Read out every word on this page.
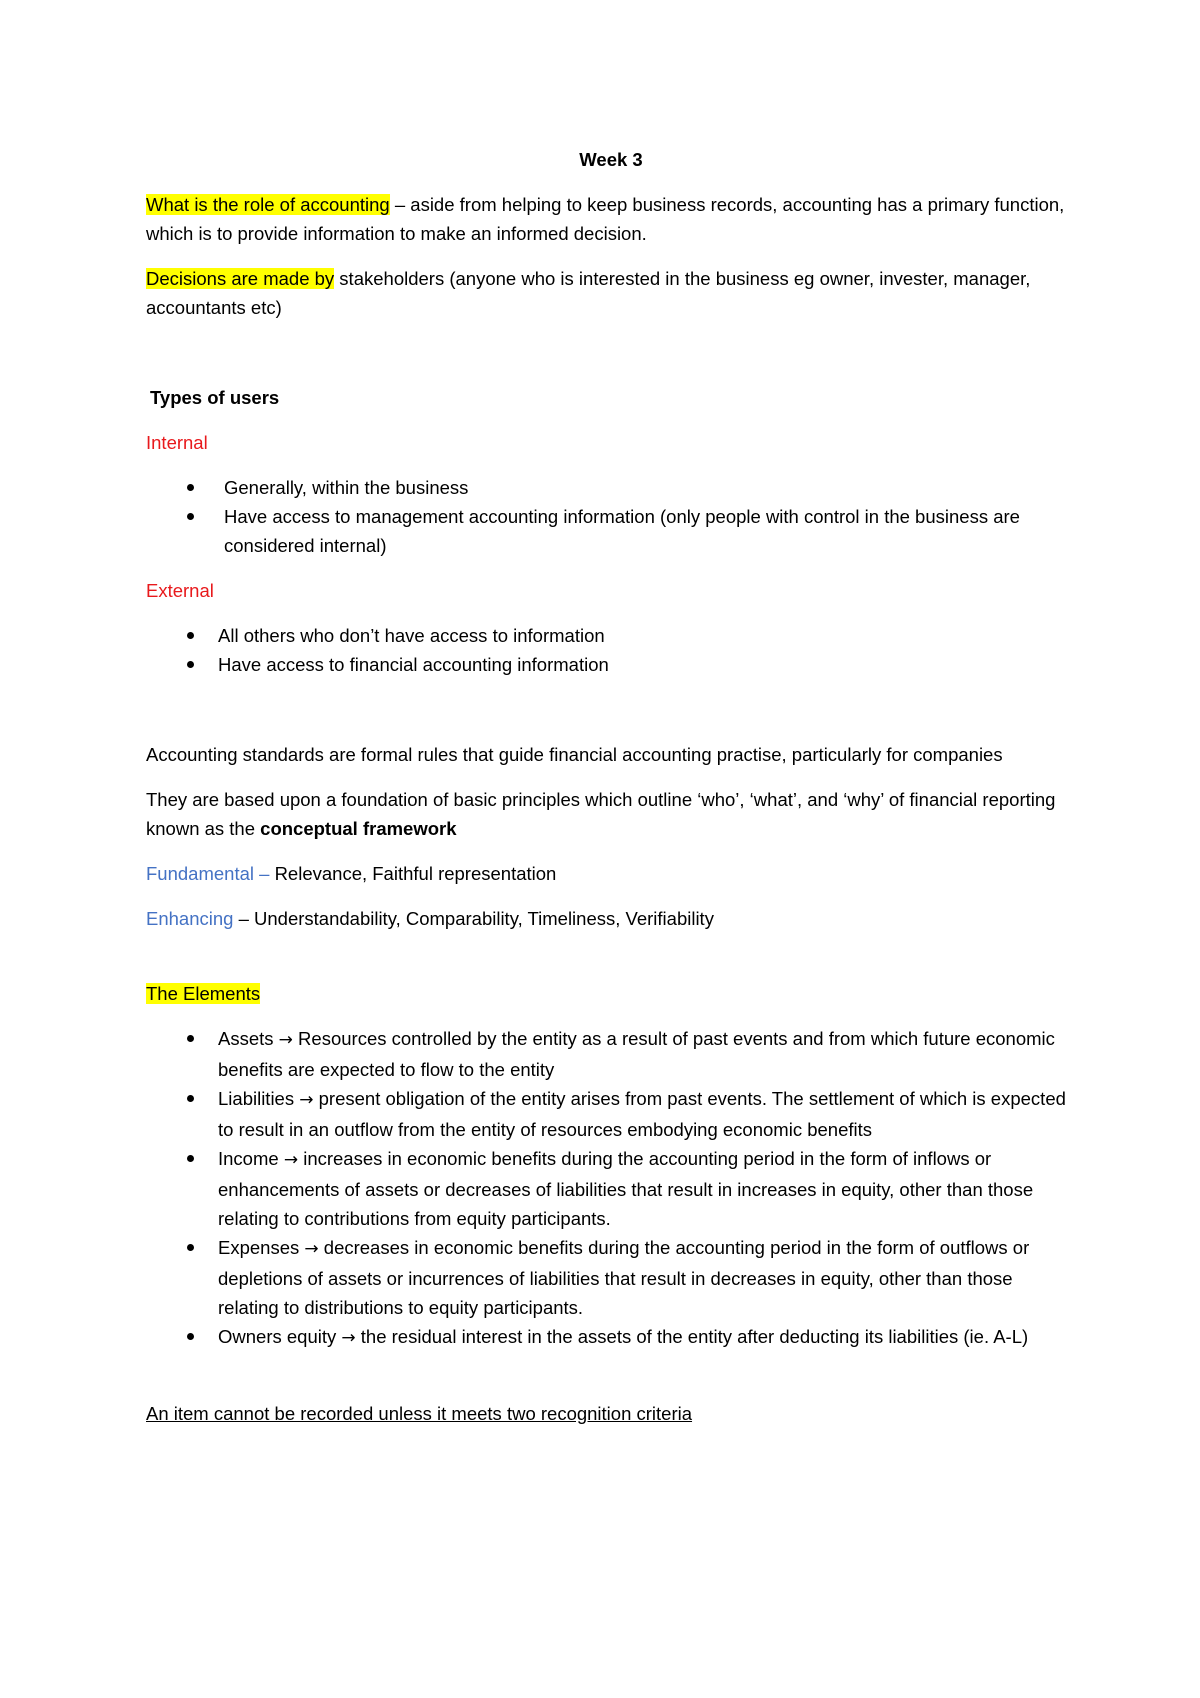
Week 3

What is the role of accounting – aside from helping to keep business records, accounting has a primary function, which is to provide information to make an informed decision.

Decisions are made by stakeholders (anyone who is interested in the business eg owner, invester, manager, accountants etc)

Types of users

Internal

Generally, within the business
Have access to management accounting information (only people with control in the business are considered internal)

External

All others who don’t have access to information
Have access to financial accounting information

Accounting standards are formal rules that guide financial accounting practise, particularly for companies

They are based upon a foundation of basic principles which outline ‘who’, ‘what’, and ‘why’ of financial reporting known as the conceptual framework

Fundamental – Relevance, Faithful representation

Enhancing – Understandability, Comparability, Timeliness, Verifiability

The Elements

Assets → Resources controlled by the entity as a result of past events and from which future economic benefits are expected to flow to the entity
Liabilities → present obligation of the entity arises from past events. The settlement of which is expected to result in an outflow from the entity of resources embodying economic benefits
Income → increases in economic benefits during the accounting period in the form of inflows or enhancements of assets or decreases of liabilities that result in increases in equity, other than those relating to contributions from equity participants.
Expenses → decreases in economic benefits during the accounting period in the form of outflows or depletions of assets or incurrences of liabilities that result in decreases in equity, other than those relating to distributions to equity participants.
Owners equity → the residual interest in the assets of the entity after deducting its liabilities (ie. A-L)

An item cannot be recorded unless it meets two recognition criteria
